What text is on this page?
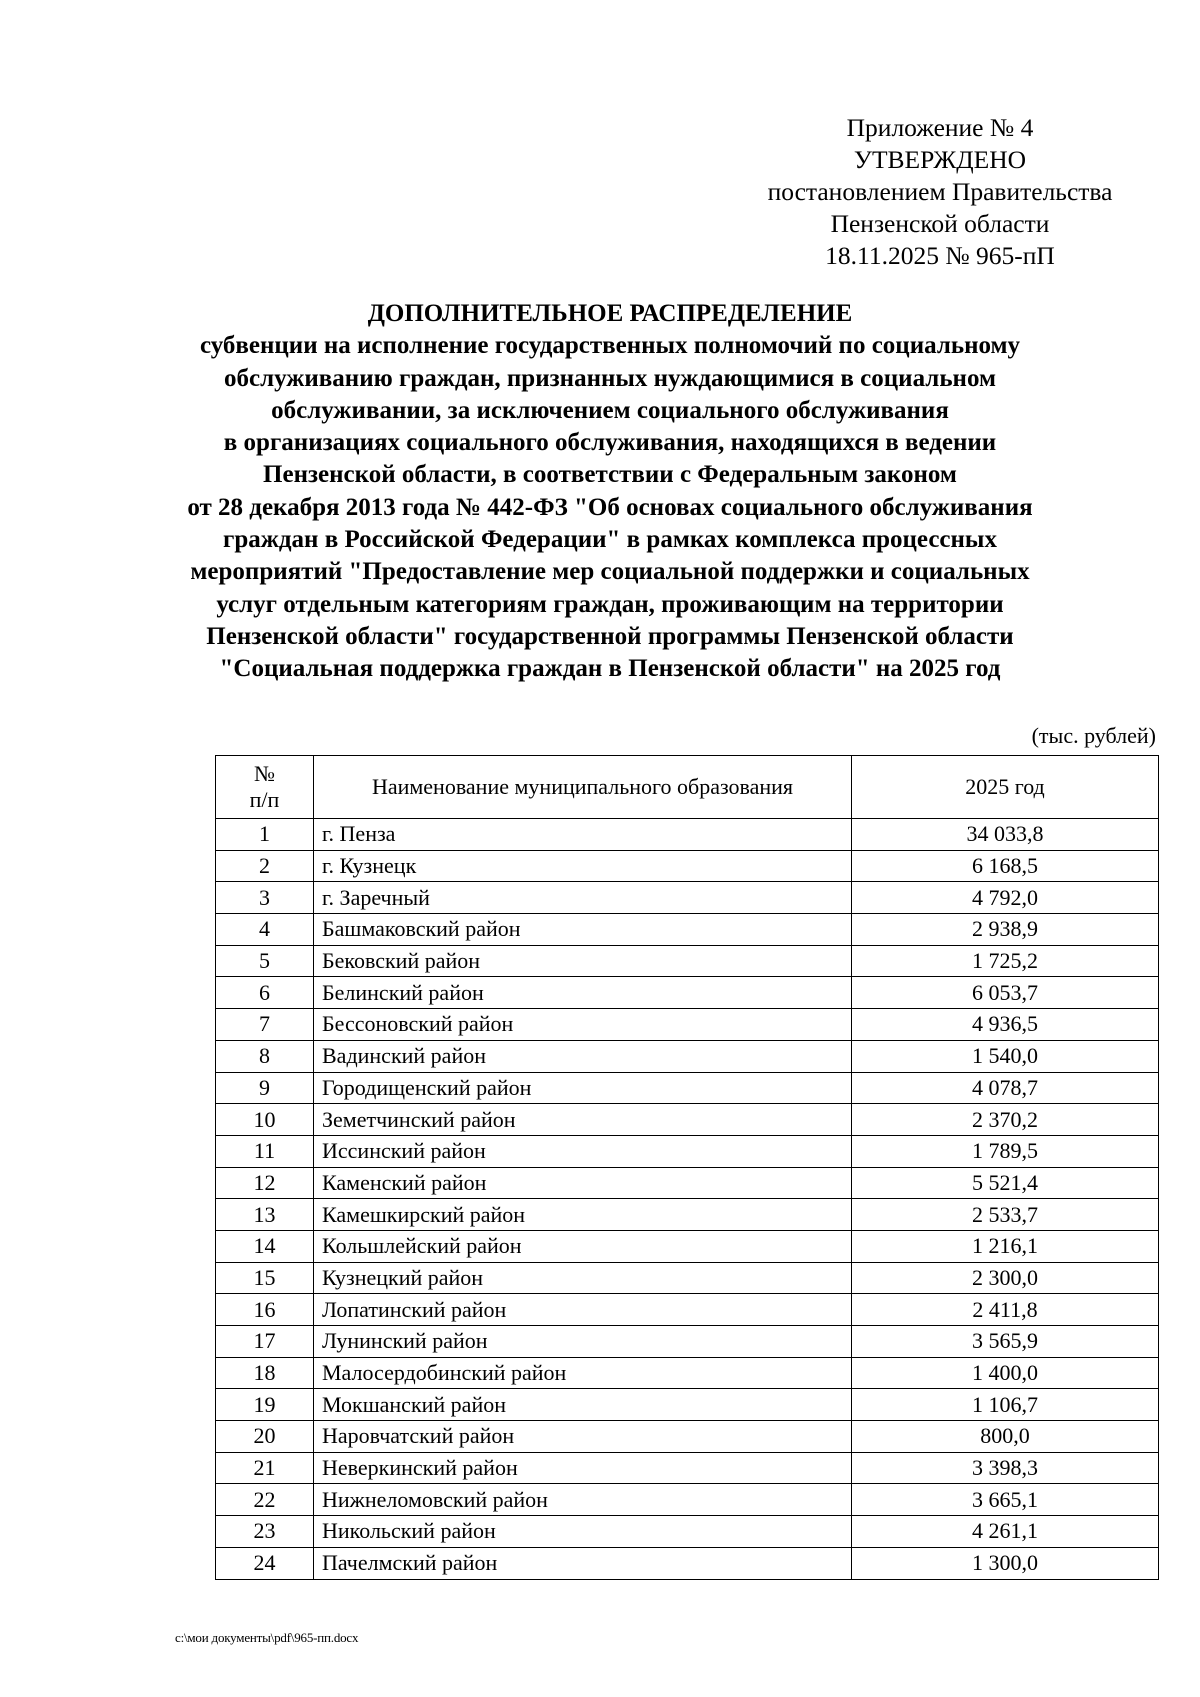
Приложение № 4
УТВЕРЖДЕНО
постановлением Правительства
Пензенской области
18.11.2025 № 965-пП
ДОПОЛНИТЕЛЬНОЕ РАСПРЕДЕЛЕНИЕ
субвенции на исполнение государственных полномочий по социальному
обслуживанию граждан, признанных нуждающимися в социальном
обслуживании, за исключением социального обслуживания
в организациях социального обслуживания, находящихся в ведении
Пензенской области, в соответствии с Федеральным законом
от 28 декабря 2013 года № 442-ФЗ "Об основах социального обслуживания
граждан в Российской Федерации" в рамках комплекса процессных
мероприятий "Предоставление мер социальной поддержки и социальных
услуг отдельным категориям граждан, проживающим на территории
Пензенской области" государственной программы Пензенской области
"Социальная поддержка граждан в Пензенской области" на 2025 год
(тыс. рублей)
№
п/п	Наименование муниципального образования	2025 год
1	г. Пенза	34 033,8
2	г. Кузнецк	6 168,5
3	г. Заречный	4 792,0
4	Башмаковский район	2 938,9
5	Бековский район	1 725,2
6	Белинский район	6 053,7
7	Бессоновский район	4 936,5
8	Вадинский район	1 540,0
9	Городищенский район	4 078,7
10	Земетчинский район	2 370,2
11	Иссинский район	1 789,5
12	Каменский район	5 521,4
13	Камешкирский район	2 533,7
14	Кольшлейский район	1 216,1
15	Кузнецкий район	2 300,0
16	Лопатинский район	2 411,8
17	Лунинский район	3 565,9
18	Малосердобинский район	1 400,0
19	Мокшанский район	1 106,7
20	Наровчатский район	800,0
21	Неверкинский район	3 398,3
22	Нижнеломовский район	3 665,1
23	Никольский район	4 261,1
24	Пачелмский район	1 300,0
c:\мои документы\pdf\965-пп.docx
